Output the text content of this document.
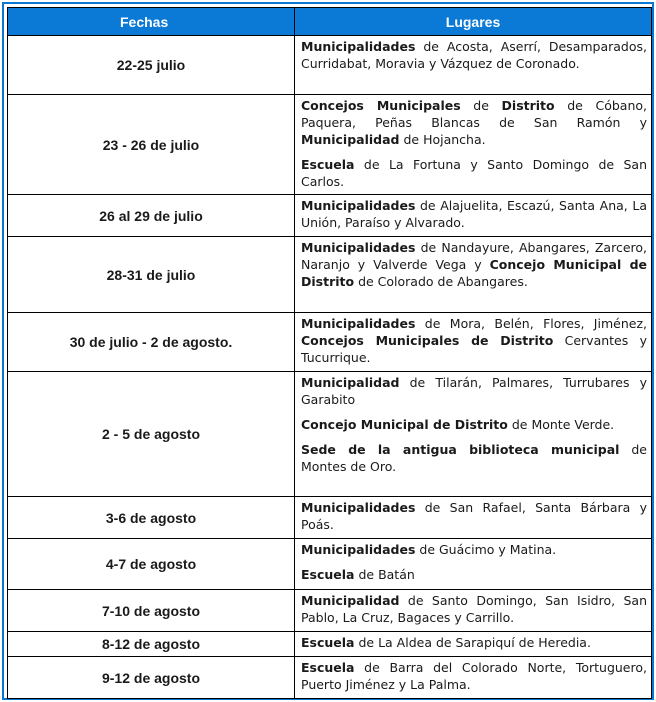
Fechas	Lugares
22-25 julio	Municipalidades de Acosta, Aserrí, Desamparados, Curridabat, Moravia y Vázquez de Coronado.

23 - 26 de julio	Concejos Municipales de Distrito de Cóbano, Paquera, Peñas Blancas de San Ramón y Municipalidad de Hojancha.
Escuela de La Fortuna y Santo Domingo de San Carlos.

26 al 29 de julio	Municipalidades de Alajuelita, Escazú, Santa Ana, La Unión, Paraíso y Alvarado.

28-31 de julio	Municipalidades de Nandayure, Abangares, Zarcero, Naranjo y Valverde Vega y Concejo Municipal de Distrito de Colorado de Abangares.

30 de julio - 2 de agosto.	Municipalidades de Mora, Belén, Flores, Jiménez, Concejos Municipales de Distrito Cervantes y Tucurrique.

2 - 5 de agosto	Municipalidad de Tilarán, Palmares, Turrubares y Garabito
Concejo Municipal de Distrito de Monte Verde.
Sede de la antigua biblioteca municipal de Montes de Oro.

3-6 de agosto	Municipalidades de San Rafael, Santa Bárbara y Poás.

4-7 de agosto	Municipalidades de Guácimo y Matina.
Escuela de Batán

7-10 de agosto	Municipalidad de Santo Domingo, San Isidro, San Pablo, La Cruz, Bagaces y Carrillo.

8-12 de agosto	Escuela de La Aldea de Sarapiquí de Heredia.

9-12 de agosto	Escuela de Barra del Colorado Norte, Tortuguero, Puerto Jiménez y La Palma.
